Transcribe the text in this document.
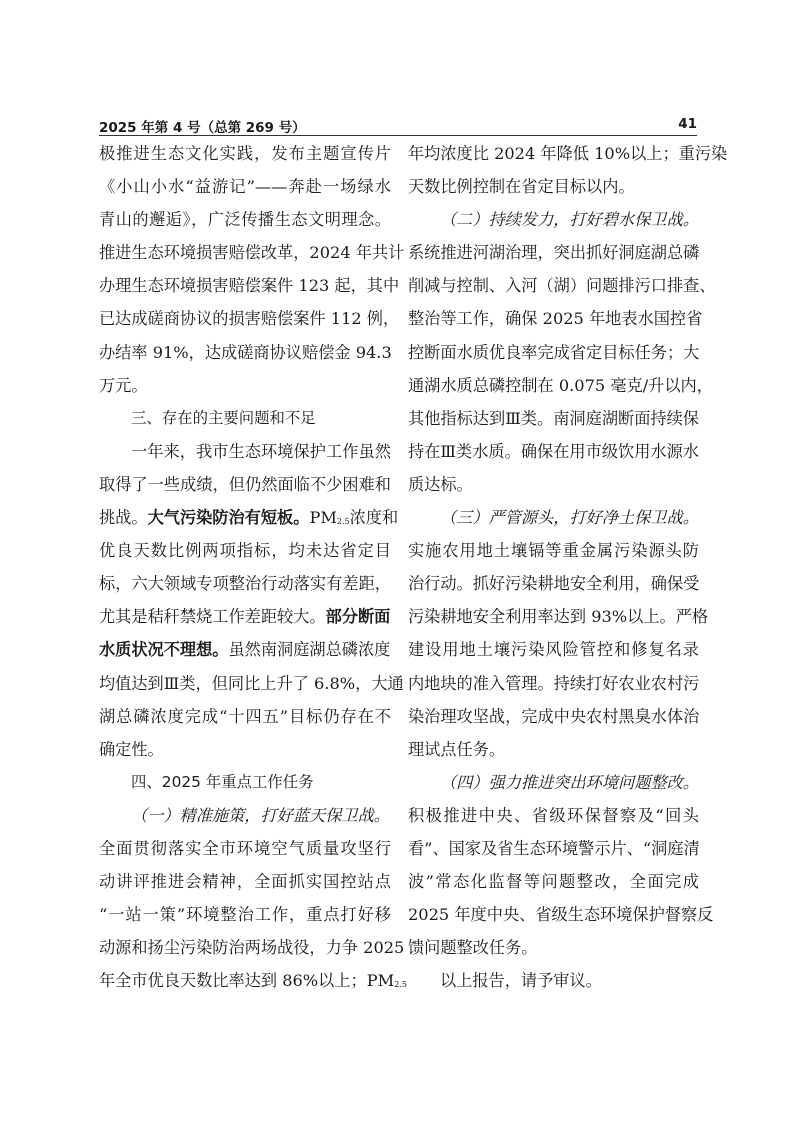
2025 年第 4 号（总第 269 号）	41
极推进生态文化实践，发布主题宣传片
《小山小水“益游记”——奔赴一场绿水
青山的邂逅》，广泛传播生态文明理念。
推进生态环境损害赔偿改革，2024 年共计
办理生态环境损害赔偿案件 123 起，其中
已达成磋商协议的损害赔偿案件 112 例，
办结率 91%，达成磋商协议赔偿金 94.3
万元。
三、存在的主要问题和不足
一年来，我市生态环境保护工作虽然
取得了一些成绩，但仍然面临不少困难和
挑战。大气污染防治有短板。$PM_{2.5}$浓度和
优良天数比例两项指标，均未达省定目
标，六大领域专项整治行动落实有差距，
尤其是秸秆禁烧工作差距较大。部分断面
水质状况不理想。虽然南洞庭湖总磷浓度
均值达到Ⅲ类，但同比上升了 6.8%，大通
湖总磷浓度完成“十四五”目标仍存在不
确定性。
四、2025 年重点工作任务
（一）精准施策，打好蓝天保卫战。
全面贯彻落实全市环境空气质量攻坚行
动讲评推进会精神，全面抓实国控站点
“一站一策”环境整治工作，重点打好移
动源和扬尘污染防治两场战役，力争 2025
年全市优良天数比率达到 86%以上；$PM_{2.5}$
年均浓度比 2024 年降低 10%以上；重污染
天数比例控制在省定目标以内。
（二）持续发力，打好碧水保卫战。
系统推进河湖治理，突出抓好洞庭湖总磷
削减与控制、入河（湖）问题排污口排查、
整治等工作，确保 2025 年地表水国控省
控断面水质优良率完成省定目标任务；大
通湖水质总磷控制在 0.075 毫克/升以内，
其他指标达到Ⅲ类。南洞庭湖断面持续保
持在Ⅲ类水质。确保在用市级饮用水源水
质达标。
（三）严管源头，打好净土保卫战。
实施农用地土壤镉等重金属污染源头防
治行动。抓好污染耕地安全利用，确保受
污染耕地安全利用率达到 93%以上。严格
建设用地土壤污染风险管控和修复名录
内地块的准入管理。持续打好农业农村污
染治理攻坚战，完成中央农村黑臭水体治
理试点任务。
（四）强力推进突出环境问题整改。
积极推进中央、省级环保督察及“回头
看”、国家及省生态环境警示片、“洞庭清
波”常态化监督等问题整改，全面完成
2025 年度中央、省级生态环境保护督察反
馈问题整改任务。
以上报告，请予审议。
